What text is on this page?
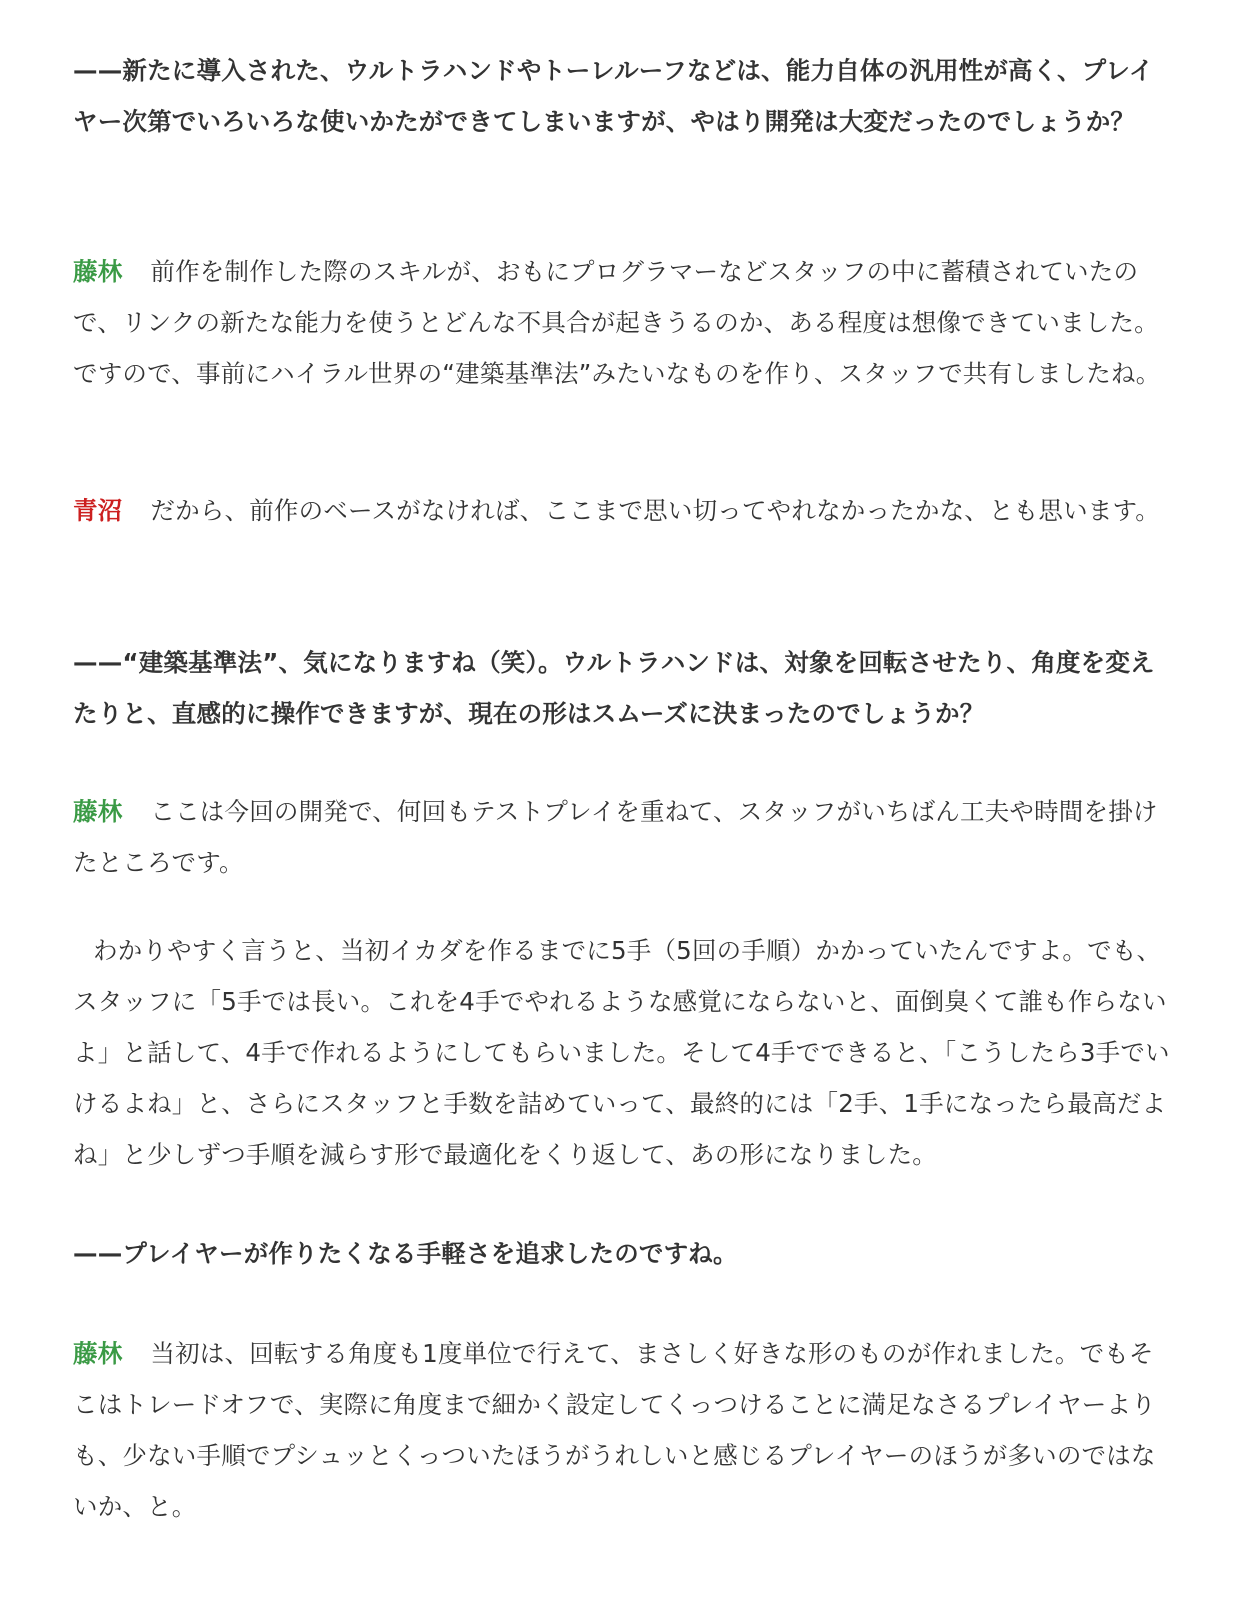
——新たに導入された、ウルトラハンドやトーレルーフなどは、能力自体の汎用性が高く、プレイヤー次第でいろいろな使いかたができてしまいますが、やはり開発は大変だったのでしょうか？

藤林 前作を制作した際のスキルが、おもにプログラマーなどスタッフの中に蓄積されていたので、リンクの新たな能力を使うとどんな不具合が起きうるのか、ある程度は想像できていました。ですので、事前にハイラル世界の“建築基準法”みたいなものを作り、スタッフで共有しましたね。

青沼 だから、前作のベースがなければ、ここまで思い切ってやれなかったかな、とも思います。

——“建築基準法”、気になりますね（笑）。ウルトラハンドは、対象を回転させたり、角度を変えたりと、直感的に操作できますが、現在の形はスムーズに決まったのでしょうか？

藤林 ここは今回の開発で、何回もテストプレイを重ねて、スタッフがいちばん工夫や時間を掛けたところです。

わかりやすく言うと、当初イカダを作るまでに5手（5回の手順）かかっていたんですよ。でも、スタッフに「5手では長い。これを4手でやれるような感覚にならないと、面倒臭くて誰も作らないよ」と話して、4手で作れるようにしてもらいました。そして4手でできると、「こうしたら3手でいけるよね」と、さらにスタッフと手数を詰めていって、最終的には「2手、1手になったら最高だよね」と少しずつ手順を減らす形で最適化をくり返して、あの形になりました。

——プレイヤーが作りたくなる手軽さを追求したのですね。

藤林 当初は、回転する角度も1度単位で行えて、まさしく好きな形のものが作れました。でもそこはトレードオフで、実際に角度まで細かく設定してくっつけることに満足なさるプレイヤーよりも、少ない手順でプシュッとくっついたほうがうれしいと感じるプレイヤーのほうが多いのではないか、と。
